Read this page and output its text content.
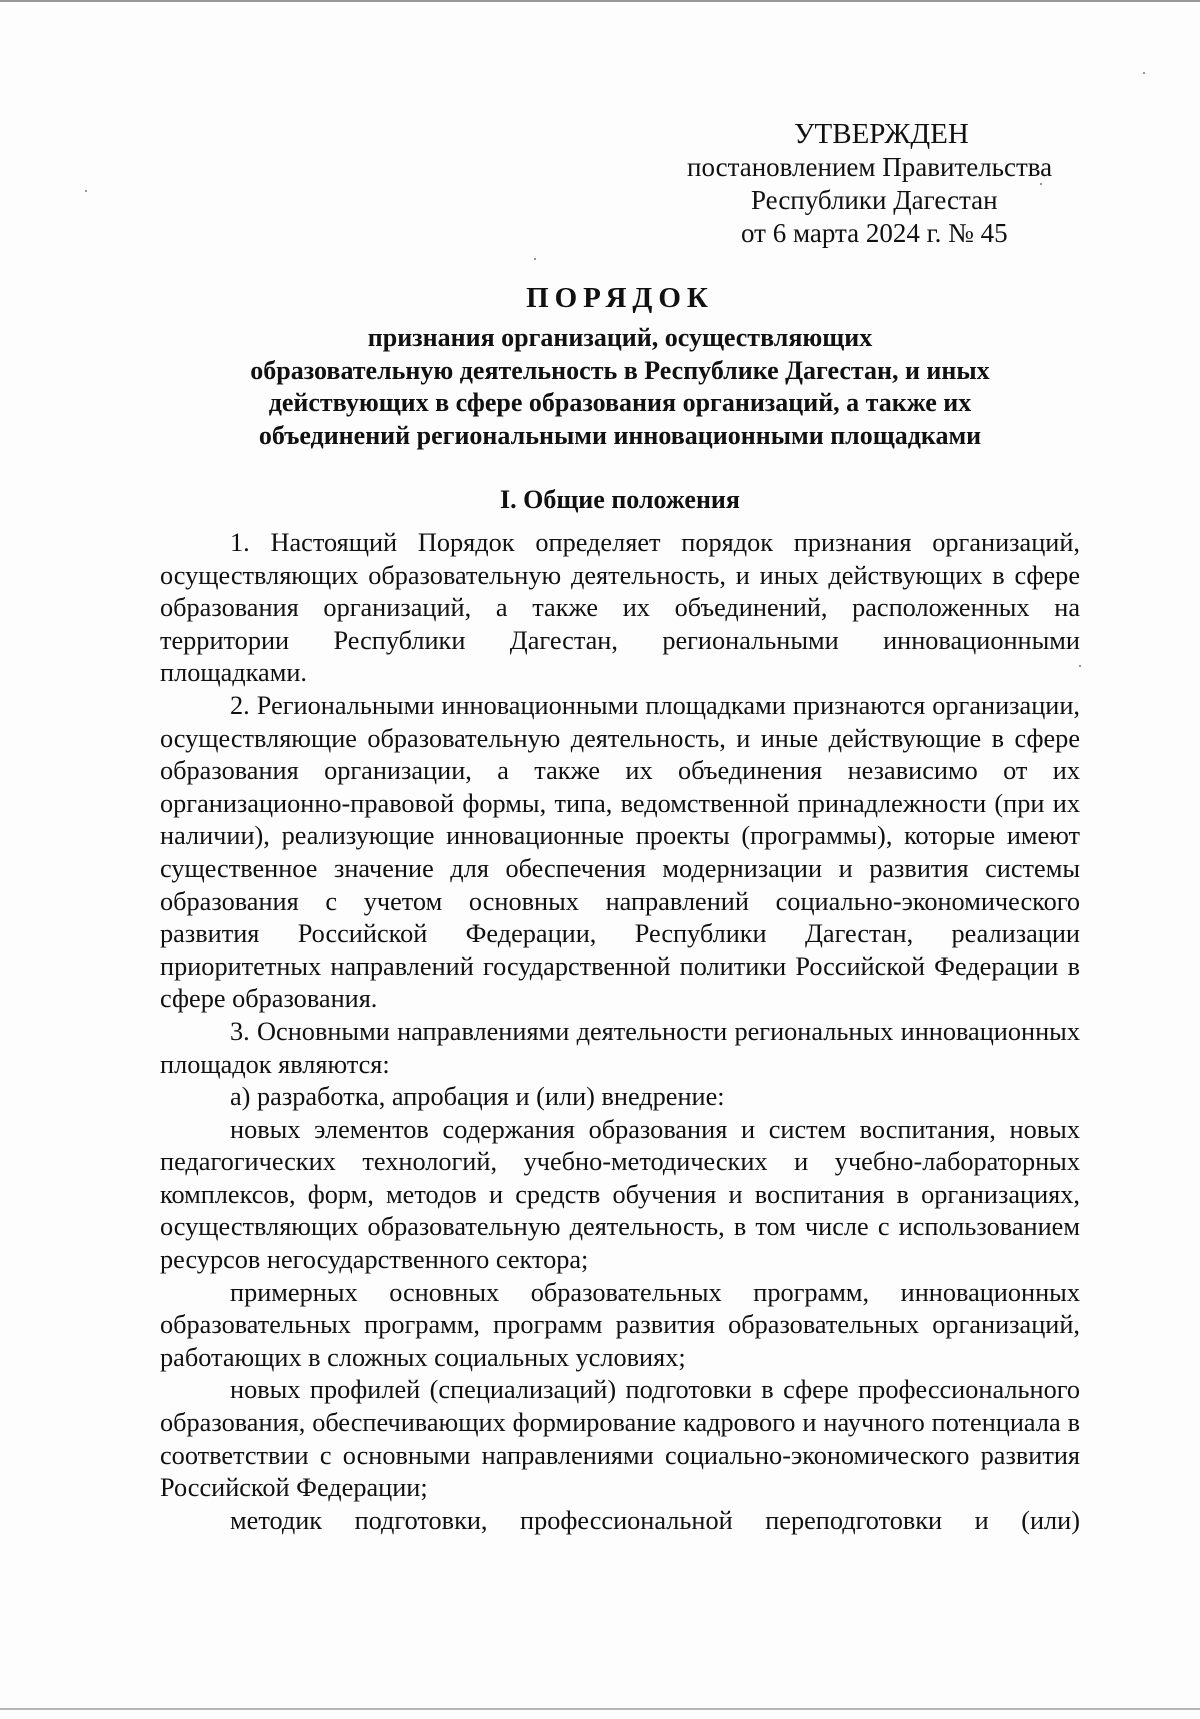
УТВЕРЖДЕН
постановлением Правительства
Республики Дагестан
от 6 марта 2024 г. № 45
ПОРЯДОК
признания организаций, осуществляющих
образовательную деятельность в Республике Дагестан, и иных
действующих в сфере образования организаций, а также их
объединений региональными инновационными площадками
I. Общие положения

1. Настоящий Порядок определяет порядок признания организаций, осуществляющих образовательную деятельность, и иных действующих в сфере образования организаций, а также их объединений, расположенных на территории Республики Дагестан, региональными инновационными площадками.

2. Региональными инновационными площадками признаются организации, осуществляющие образовательную деятельность, и иные действующие в сфере образования организации, а также их объединения независимо от их организационно-правовой формы, типа, ведомственной принадлежности (при их наличии), реализующие инновационные проекты (программы), которые имеют существенное значение для обеспечения модернизации и развития системы образования с учетом основных направлений социально-экономического развития Российской Федерации, Республики Дагестан, реализации приоритетных направлений государственной политики Российской Федерации в сфере образования.

3. Основными направлениями деятельности региональных инновационных площадок являются:

а) разработка, апробация и (или) внедрение:

новых элементов содержания образования и систем воспитания, новых педагогических технологий, учебно-методических и учебно-лабораторных комплексов, форм, методов и средств обучения и воспитания в организациях, осуществляющих образовательную деятельность, в том числе с использованием ресурсов негосударственного сектора;

примерных основных образовательных программ, инновационных образовательных программ, программ развития образовательных организаций, работающих в сложных социальных условиях;

новых профилей (специализаций) подготовки в сфере профессионального образования, обеспечивающих формирование кадрового и научного потенциала в соответствии с основными направлениями социально-экономического развития Российской Федерации;

методик подготовки, профессиональной переподготовки и (или)
